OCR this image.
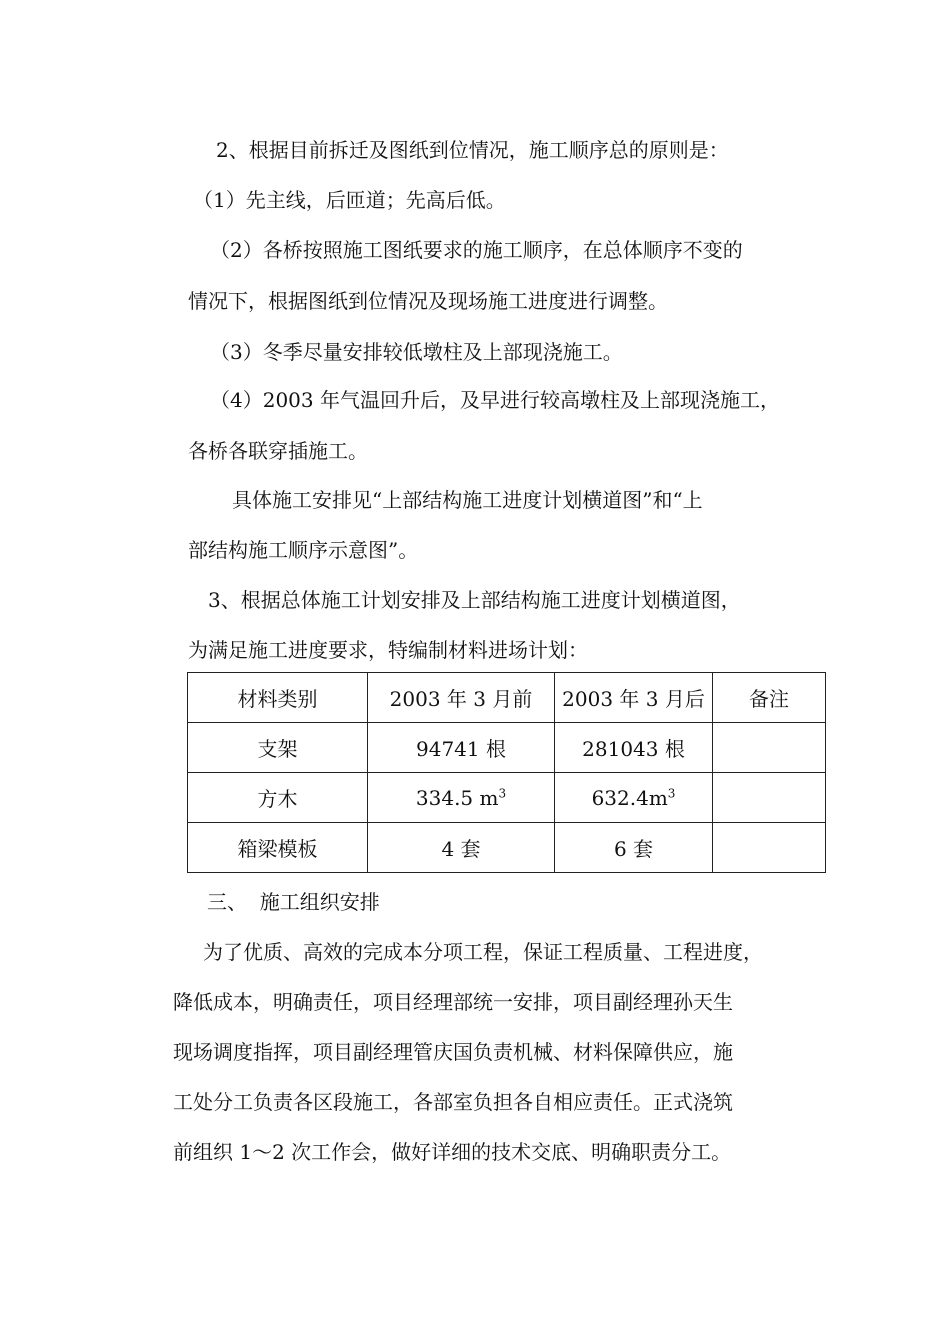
2、根据目前拆迁及图纸到位情况，施工顺序总的原则是：
（1）先主线，后匝道；先高后低。
（2）各桥按照施工图纸要求的施工顺序，在总体顺序不变的
情况下，根据图纸到位情况及现场施工进度进行调整。
（3）冬季尽量安排较低墩柱及上部现浇施工。
（4）2003 年气温回升后，及早进行较高墩柱及上部现浇施工，
各桥各联穿插施工。
具体施工安排见“上部结构施工进度计划横道图”和“上
部结构施工顺序示意图”。
3、根据总体施工计划安排及上部结构施工进度计划横道图，
为满足施工进度要求，特编制材料进场计划：
材料类别	2003 年 3 月前	2003 年 3 月后	备注
支架	94741 根	281043 根	
方木	334.5 $m^3$	$632.4m^3$	
箱梁模板	4 套	6 套	
三、  施工组织安排
为了优质、高效的完成本分项工程，保证工程质量、工程进度，
降低成本，明确责任，项目经理部统一安排，项目副经理孙天生
现场调度指挥，项目副经理管庆国负责机械、材料保障供应，施
工处分工负责各区段施工，各部室负担各自相应责任。正式浇筑
前组织 1～2 次工作会，做好详细的技术交底、明确职责分工。
